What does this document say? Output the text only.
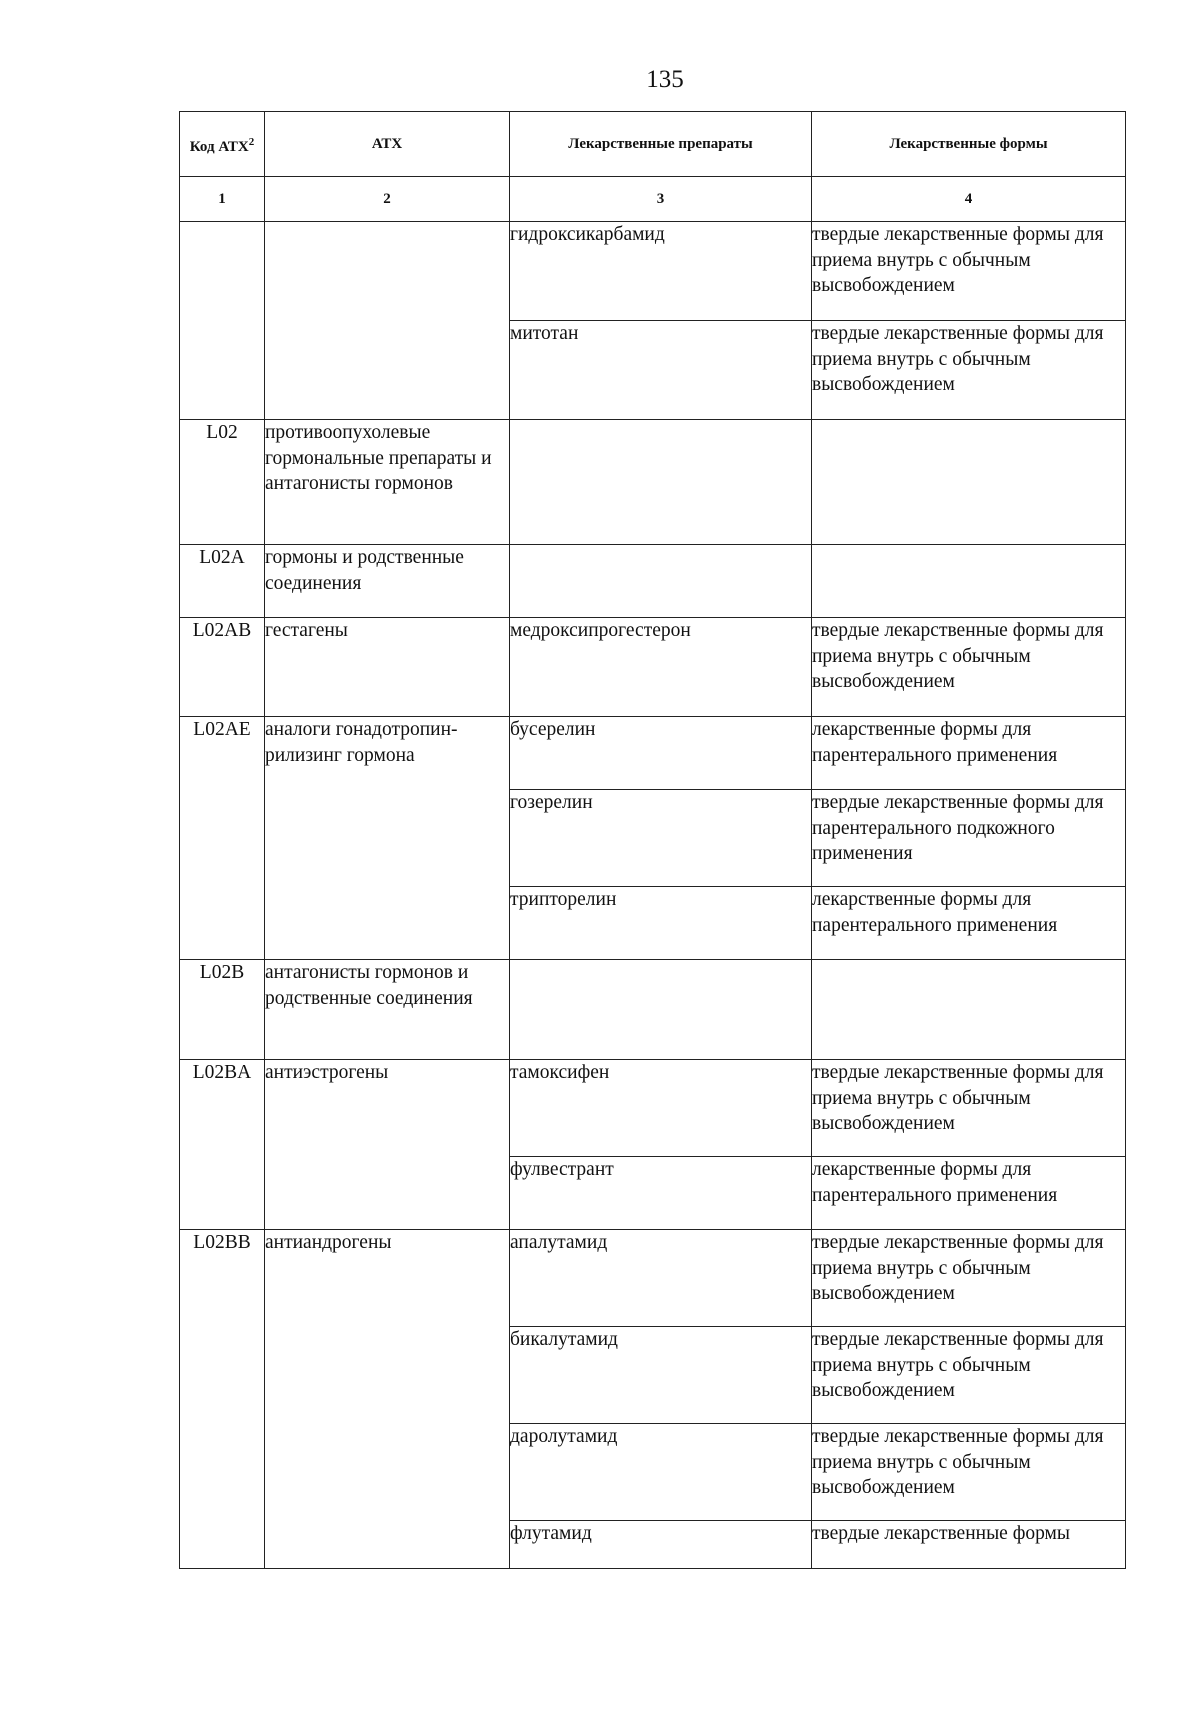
135
Код АТХ$^2$	АТХ	Лекарственные препараты	Лекарственные формы
1	2	3	4
		гидроксикарбамид	твердые лекарственные формы для приема внутрь с обычным высвобождением
		митотан	твердые лекарственные формы для приема внутрь с обычным высвобождением
L02	противоопухолевые гормональные препараты и антагонисты гормонов		
L02A	гормоны и родственные соединения		
L02AB	гестагены	медроксипрогестерон	твердые лекарственные формы для приема внутрь с обычным высвобождением
L02AE	аналоги гонадотропин-рилизинг гормона	бусерелин	лекарственные формы для парентерального применения
		гозерелин	твердые лекарственные формы для парентерального подкожного применения
		трипторелин	лекарственные формы для парентерального применения
L02B	антагонисты гормонов и родственные соединения		
L02BA	антиэстрогены	тамоксифен	твердые лекарственные формы для приема внутрь с обычным высвобождением
		фулвестрант	лекарственные формы для парентерального применения
L02BB	антиандрогены	апалутамид	твердые лекарственные формы для приема внутрь с обычным высвобождением
		бикалутамид	твердые лекарственные формы для приема внутрь с обычным высвобождением
		даролутамид	твердые лекарственные формы для приема внутрь с обычным высвобождением
		флутамид	твердые лекарственные формы
